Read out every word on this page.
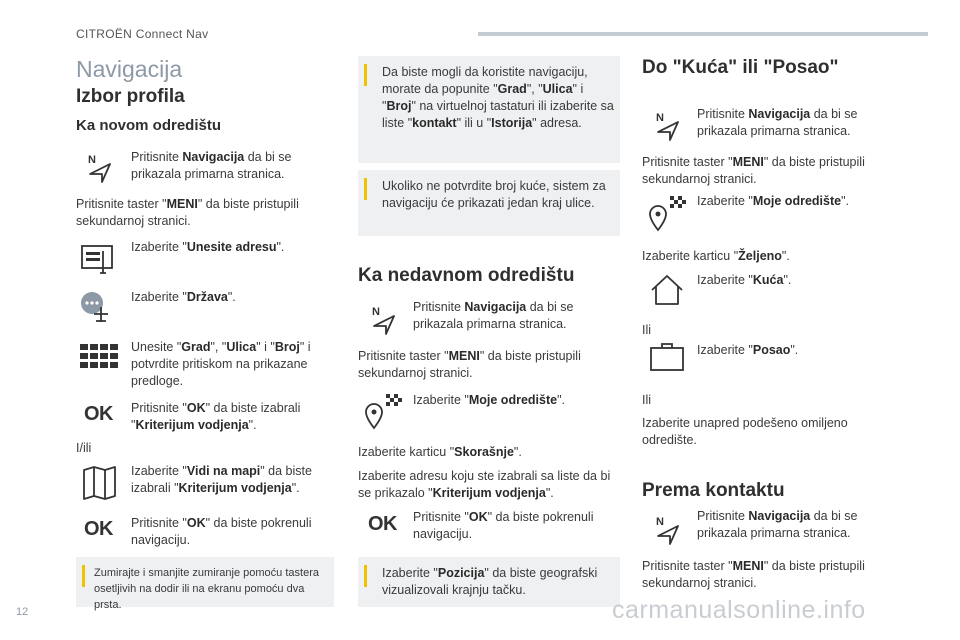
CITROËN Connect Nav
Navigacija
Izbor profila
Ka novom odredištu
N	Pritisnite Navigacija da bi se prikazala primarna stranica.
Pritisnite taster "MENI" da biste pristupili sekundarnoj stranici.
Izaberite "Unesite adresu".
Izaberite "Država".
Unesite "Grad", "Ulica" i "Broj" i potvrdite pritiskom na prikazane predloge.
OK Pritisnite "OK" da biste izabrali "Kriterijum vodjenja".
I/ili
Izaberite "Vidi na mapi" da biste izabrali "Kriterijum vodjenja".
OK Pritisnite "OK" da biste pokrenuli navigaciju.
Zumirajte i smanjite zumiranje pomoću tastera osetljivih na dodir ili na ekranu pomoću dva prsta.
Da biste mogli da koristite navigaciju, morate da popunite "Grad", "Ulica" i "Broj" na virtuelnoj tastaturi ili izaberite sa liste "kontakt" ili u "Istorija" adresa.
Ukoliko ne potvrdite broj kuće, sistem za navigaciju će prikazati jedan kraj ulice.
Ka nedavnom odredištu
N	Pritisnite Navigacija da bi se prikazala primarna stranica.
Pritisnite taster "MENI" da biste pristupili sekundarnoj stranici.
Izaberite "Moje odredište".
Izaberite karticu "Skorašnje".
Izaberite adresu koju ste izabrali sa liste da bi se prikazalo "Kriterijum vodjenja".
OK Pritisnite "OK" da biste pokrenuli navigaciju.
Izaberite "Pozicija" da biste geografski vizualizovali krajnju tačku.
Do "Kuća" ili "Posao"
N	Pritisnite Navigacija da bi se prikazala primarna stranica.
Pritisnite taster "MENI" da biste pristupili sekundarnoj stranici.
Izaberite "Moje odredište".
Izaberite karticu "Željeno".
Izaberite "Kuća".
Ili
Izaberite "Posao".
Ili
Izaberite unapred podešeno omiljeno odredište.
Prema kontaktu
N	Pritisnite Navigacija da bi se prikazala primarna stranica.
Pritisnite taster "MENI" da biste pristupili sekundarnoj stranici.
12	carmanualsonline.info
